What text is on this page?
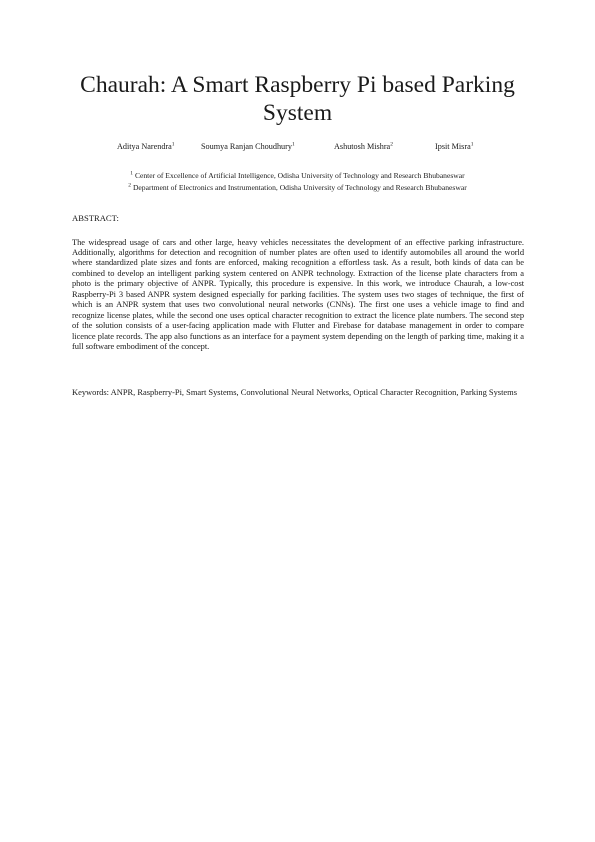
Chaurah: A Smart Raspberry Pi based Parking System
Aditya Narendra$^1$	Soumya Ranjan Choudhury$^1$	Ashutosh Mishra$^2$	Ipsit Misra$^1$
$^1$ Center of Excellence of Artificial Intelligence, Odisha University of Technology and Research Bhubaneswar
$^2$ Department of Electronics and Instrumentation, Odisha University of Technology and Research Bhubaneswar
ABSTRACT:

The widespread usage of cars and other large, heavy vehicles necessitates the development of an effective parking infrastructure. Additionally, algorithms for detection and recognition of number plates are often used to identify automobiles all around the world where standardized plate sizes and fonts are enforced, making recognition a effortless task. As a result, both kinds of data can be combined to develop an intelligent parking system centered on ANPR technology. Extraction of the license plate characters from a photo is the primary objective of ANPR. Typically, this procedure is expensive. In this work, we introduce Chaurah, a low-cost Raspberry-Pi 3 based ANPR system designed especially for parking facilities. The system uses two stages of technique, the first of which is an ANPR system that uses two convolutional neural networks (CNNs). The first one uses a vehicle image to find and recognize license plates, while the second one uses optical character recognition to extract the licence plate numbers. The second step of the solution consists of a user-facing application made with Flutter and Firebase for database management in order to compare licence plate records. The app also functions as an interface for a payment system depending on the length of parking time, making it a full software embodiment of the concept.

Keywords: ANPR, Raspberry-Pi, Smart Systems, Convolutional Neural Networks, Optical Character Recognition, Parking Systems
